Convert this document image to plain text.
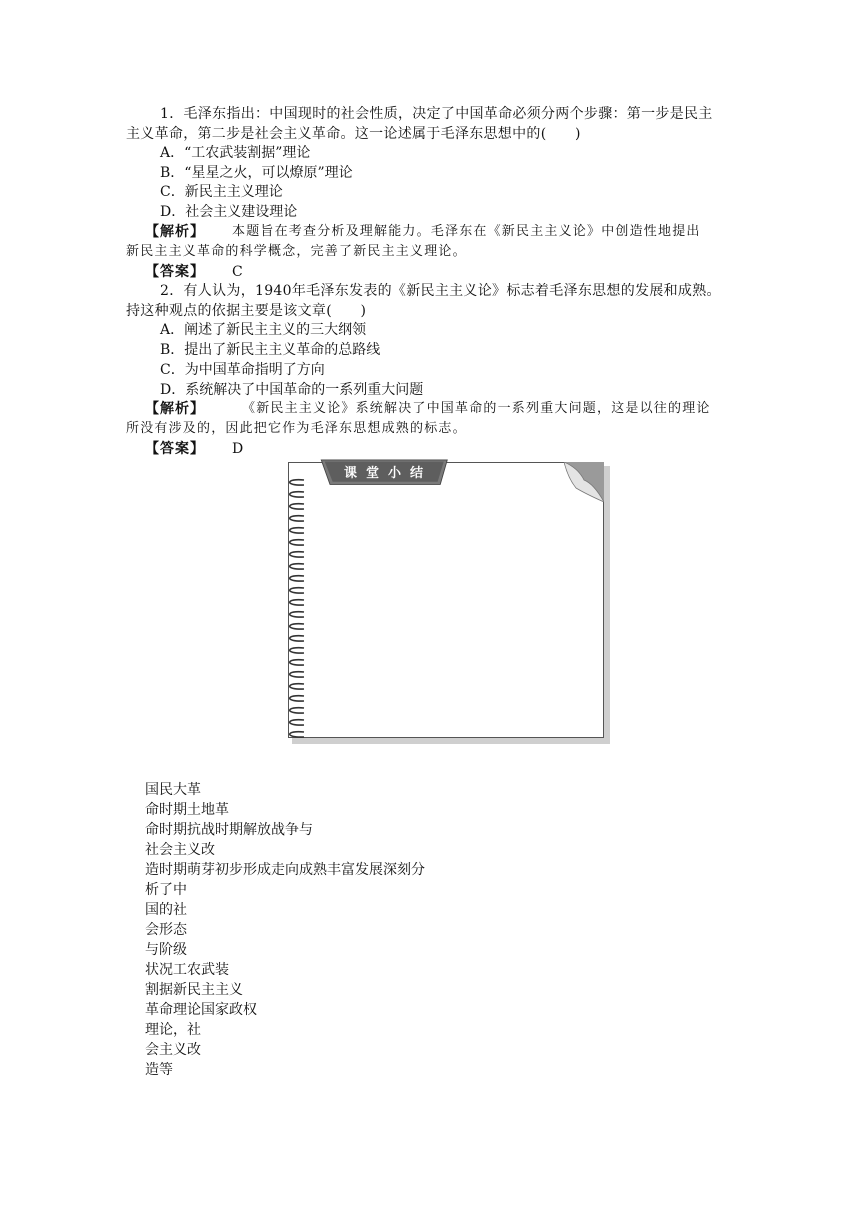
1．毛泽东指出：中国现时的社会性质，决定了中国革命必须分两个步骤：第一步是民主
主义革命，第二步是社会主义革命。这一论述属于毛泽东思想中的(　　)
A．“工农武装割据”理论
B．“星星之火，可以燎原”理论
C．新民主主义理论
D．社会主义建设理论
【解析】 本题旨在考查分析及理解能力。毛泽东在《新民主主义论》中创造性地提出
新民主主义革命的科学概念，完善了新民主主义理论。
【答案】 C
2．有人认为，1940年毛泽东发表的《新民主主义论》标志着毛泽东思想的发展和成熟。
持这种观点的依据主要是该文章(　　)
A．阐述了新民主主义的三大纲领
B．提出了新民主主义革命的总路线
C．为中国革命指明了方向
D．系统解决了中国革命的一系列重大问题
【解析】	《新民主主义论》系统解决了中国革命的一系列重大问题，这是以往的理论
所没有涉及的，因此把它作为毛泽东思想成熟的标志。
【答案】 D
课堂小结
国民大革
命时期土地革
命时期抗战时期解放战争与
社会主义改
造时期萌芽初步形成走向成熟丰富发展深刻分
析了中
国的社
会形态
与阶级
状况工农武装
割据新民主主义
革命理论国家政权
理论，社
会主义改
造等
